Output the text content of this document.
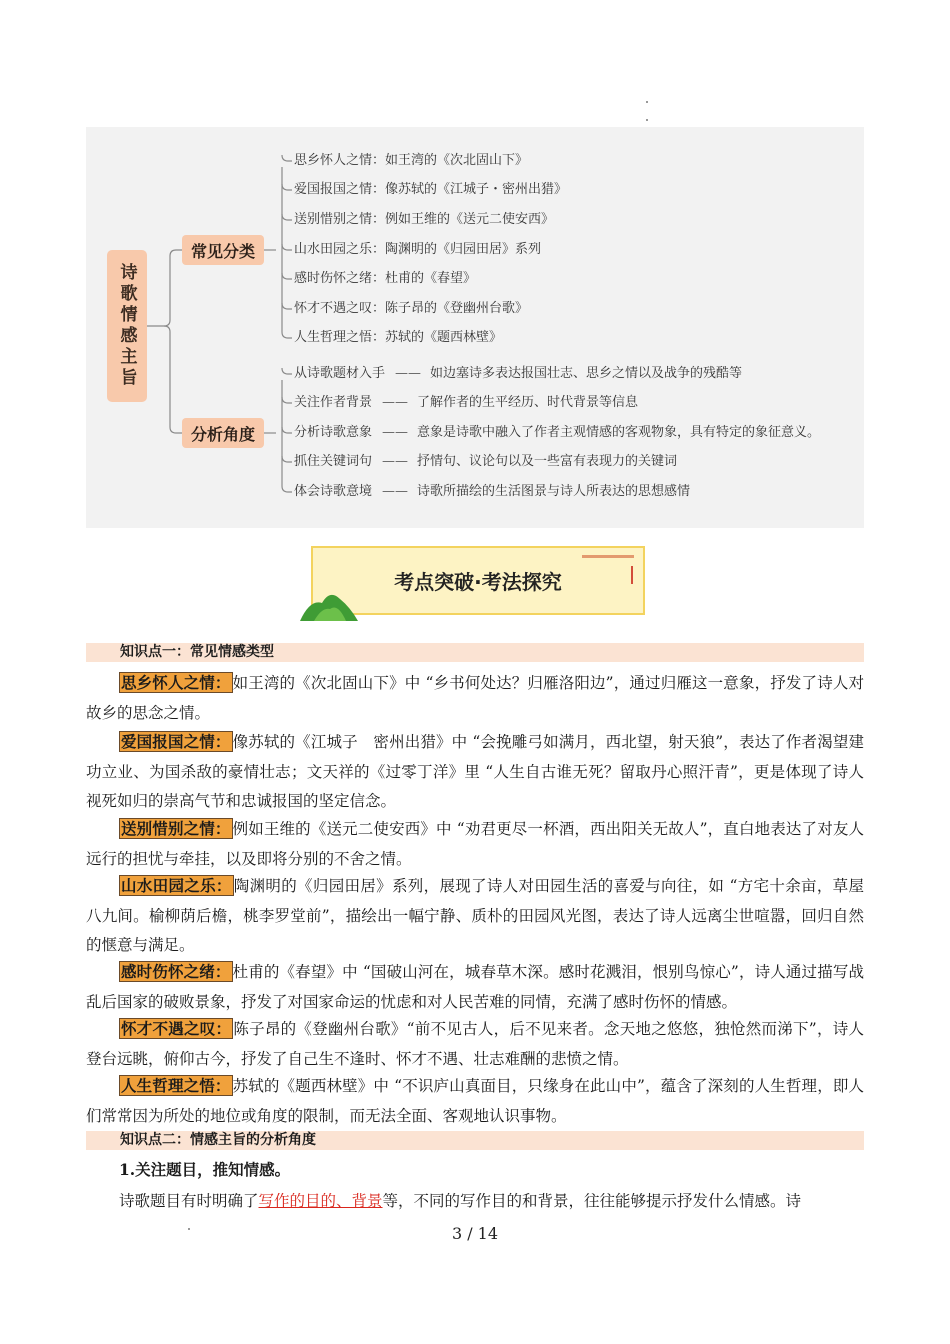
诗歌情感主旨
常见分类
分析角度
思乡怀人之情：如王湾的《次北固山下》
爱国报国之情：像苏轼的《江城子・密州出猎》
送别惜别之情：例如王维的《送元二使安西》
山水田园之乐：陶渊明的《归园田居》系列
感时伤怀之绪：杜甫的《春望》
怀才不遇之叹：陈子昂的《登幽州台歌》
人生哲理之悟：苏轼的《题西林壁》
从诗歌题材入手 —— 如边塞诗多表达报国壮志、思乡之情以及战争的残酷等
关注作者背景 —— 了解作者的生平经历、时代背景等信息
分析诗歌意象 —— 意象是诗歌中融入了作者主观情感的客观物象，具有特定的象征意义。
抓住关键词句 —— 抒情句、议论句以及一些富有表现力的关键词
体会诗歌意境 —— 诗歌所描绘的生活图景与诗人所表达的思想感情
考点突破·考法探究
知识点一：常见情感类型

思乡怀人之情： 如王湾的《次北固山下》中 “乡书何处达？归雁洛阳边”，通过归雁这一意象，抒发了诗人对故乡的思念之情。

爱国报国之情： 像苏轼的《江城子　密州出猎》中 “会挽雕弓如满月，西北望，射天狼”，表达了作者渴望建功立业、为国杀敌的豪情壮志；文天祥的《过零丁洋》里 “人生自古谁无死？留取丹心照汗青”，更是体现了诗人视死如归的崇高气节和忠诚报国的坚定信念。

送别惜别之情： 例如王维的《送元二使安西》中 “劝君更尽一杯酒，西出阳关无故人”，直白地表达了对友人远行的担忧与牵挂，以及即将分别的不舍之情。

山水田园之乐： 陶渊明的《归园田居》系列，展现了诗人对田园生活的喜爱与向往，如 “方宅十余亩，草屋八九间。榆柳荫后檐，桃李罗堂前”，描绘出一幅宁静、质朴的田园风光图，表达了诗人远离尘世喧嚣，回归自然的惬意与满足。

感时伤怀之绪： 杜甫的《春望》中 “国破山河在，城春草木深。感时花溅泪，恨别鸟惊心”，诗人通过描写战乱后国家的破败景象，抒发了对国家命运的忧虑和对人民苦难的同情，充满了感时伤怀的情感。

怀才不遇之叹： 陈子昂的《登幽州台歌》“前不见古人，后不见来者。念天地之悠悠，独怆然而涕下”，诗人登台远眺，俯仰古今，抒发了自己生不逢时、怀才不遇、壮志难酬的悲愤之情。

人生哲理之悟： 苏轼的《题西林壁》中 “不识庐山真面目，只缘身在此山中”，蕴含了深刻的人生哲理，即人们常常因为所处的地位或角度的限制，而无法全面、客观地认识事物。

知识点二：情感主旨的分析角度
1.关注题目，推知情感。

诗歌题目有时明确了写作的目的、背景等，不同的写作目的和背景，往往能够提示抒发什么情感。诗

3 / 14
